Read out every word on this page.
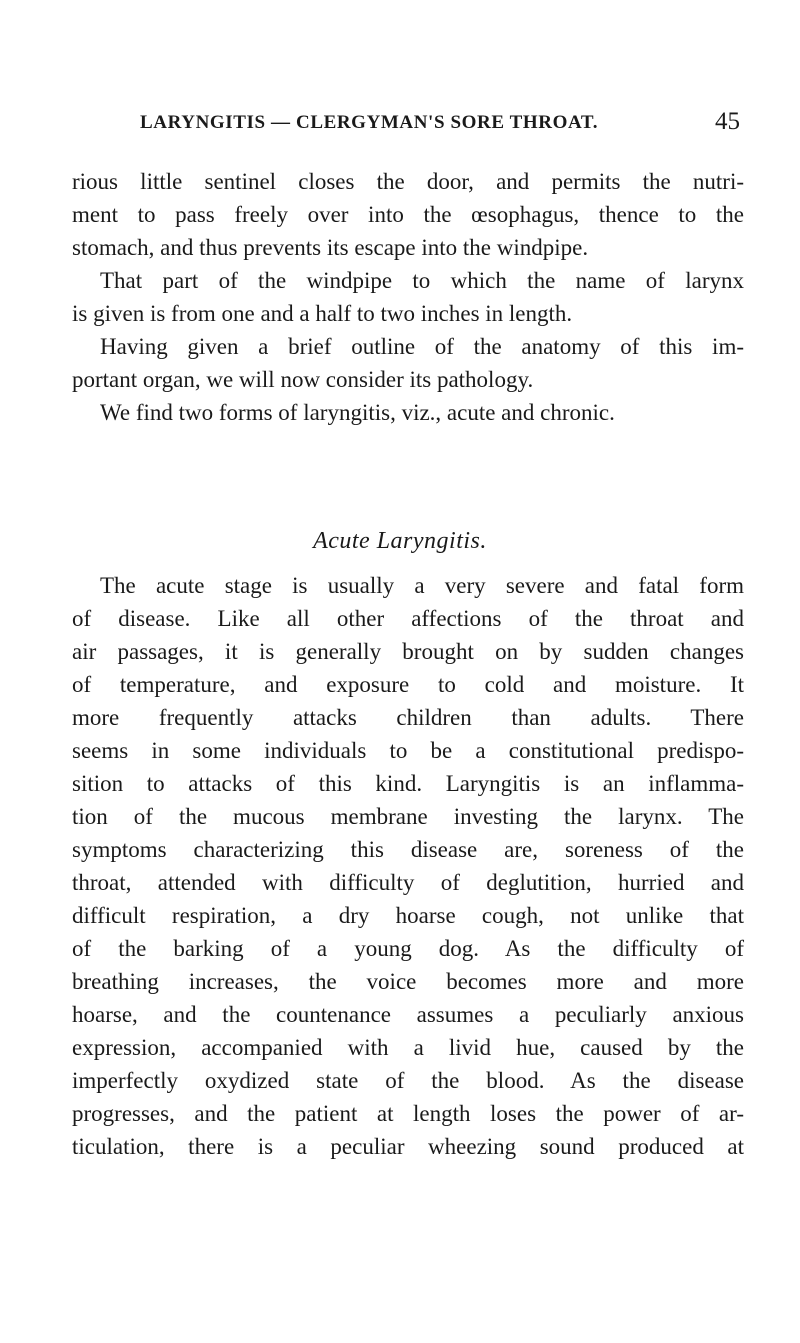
LARYNGITIS — CLERGYMAN'S SORE THROAT.	45
rious little sentinel closes the door, and permits the nutri-
ment to pass freely over into the œsophagus, thence to the
stomach, and thus prevents its escape into the windpipe.
That part of the windpipe to which the name of larynx
is given is from one and a half to two inches in length.
Having given a brief outline of the anatomy of this im-
portant organ, we will now consider its pathology.
We find two forms of laryngitis, viz., acute and chronic.
Acute Laryngitis.
The acute stage is usually a very severe and fatal form
of disease. Like all other affections of the throat and
air passages, it is generally brought on by sudden changes
of temperature, and exposure to cold and moisture. It
more frequently attacks children than adults. There
seems in some individuals to be a constitutional predispo-
sition to attacks of this kind. Laryngitis is an inflamma-
tion of the mucous membrane investing the larynx. The
symptoms characterizing this disease are, soreness of the
throat, attended with difficulty of deglutition, hurried and
difficult respiration, a dry hoarse cough, not unlike that
of the barking of a young dog. As the difficulty of
breathing increases, the voice becomes more and more
hoarse, and the countenance assumes a peculiarly anxious
expression, accompanied with a livid hue, caused by the
imperfectly oxydized state of the blood. As the disease
progresses, and the patient at length loses the power of ar-
ticulation, there is a peculiar wheezing sound produced at
